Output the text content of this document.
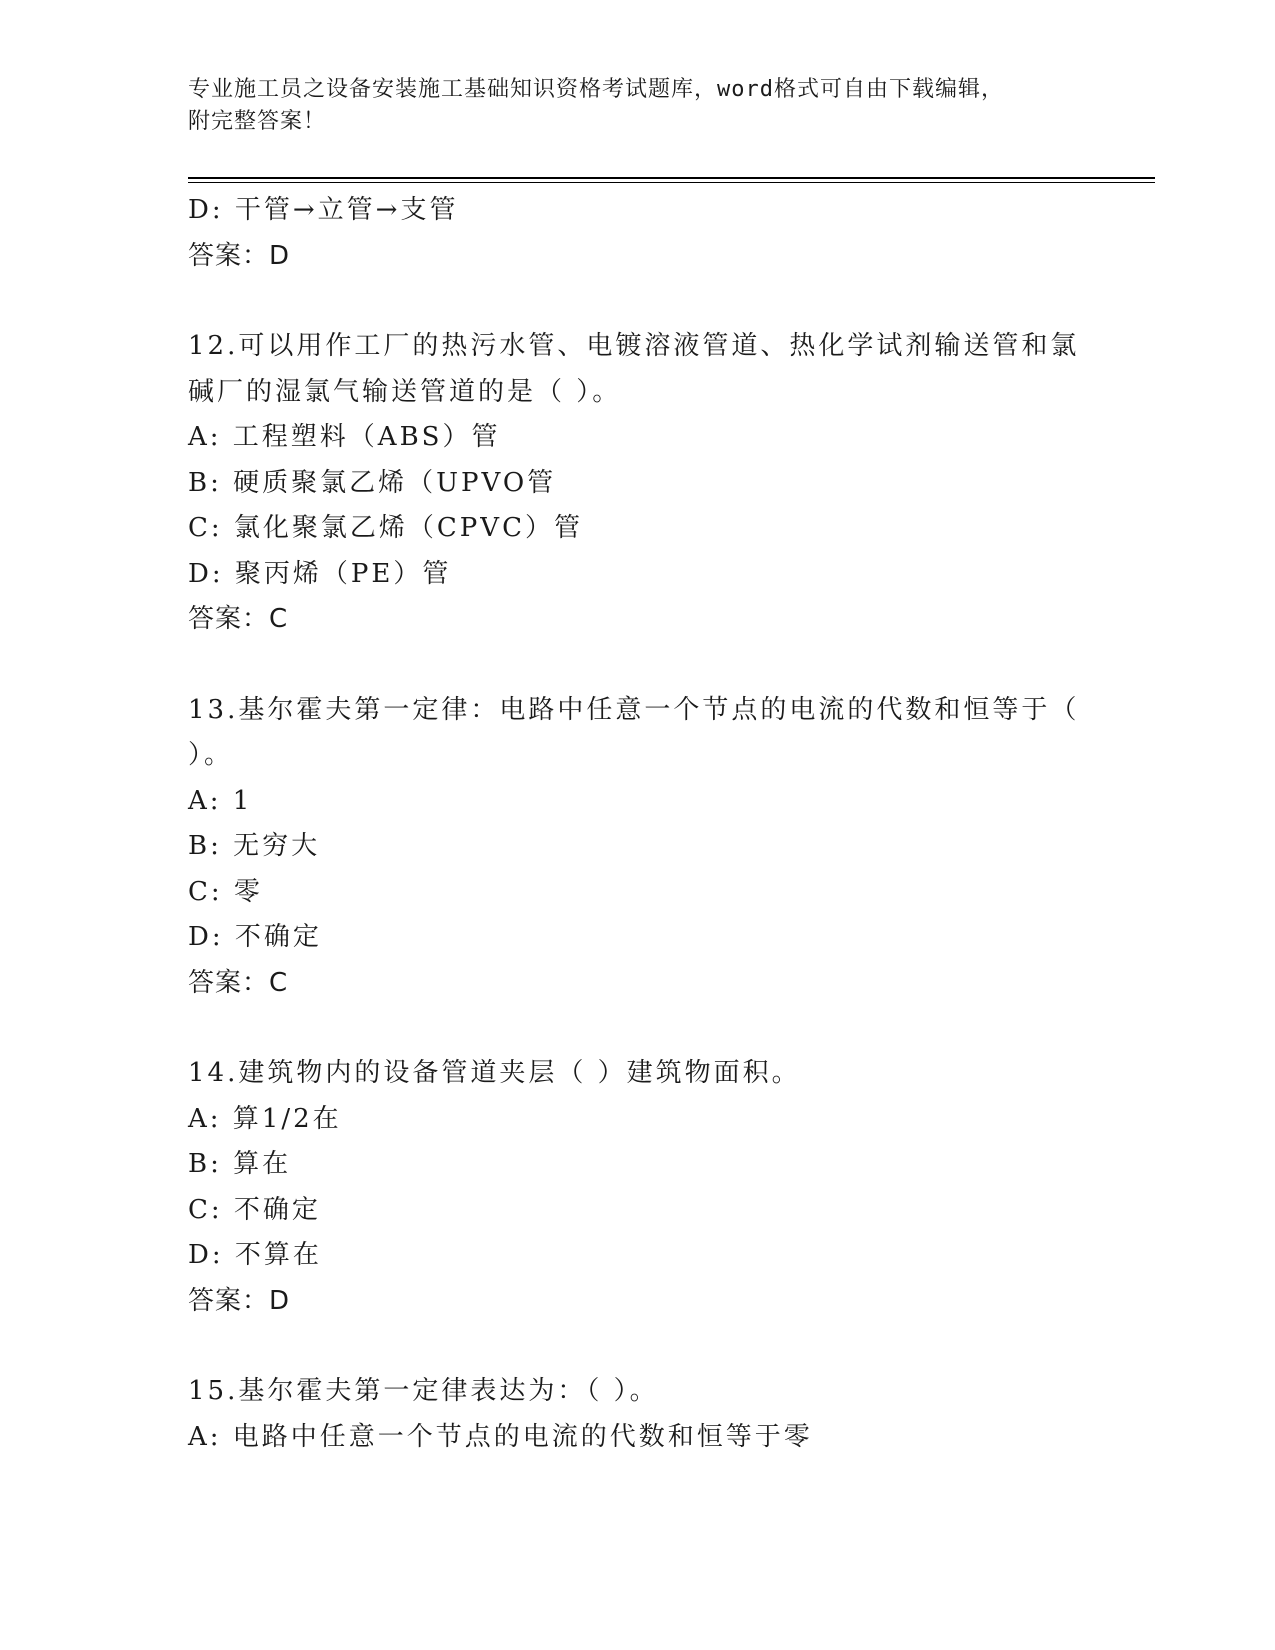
专业施工员之设备安装施工基础知识资格考试题库，word格式可自由下载编辑，
附完整答案！
D: 干管→立管→支管
答案：D
12.可以用作工厂的热污水管、电镀溶液管道、热化学试剂输送管和氯
碱厂的湿氯气输送管道的是（ ）。
A: 工程塑料（ABS）管
B: 硬质聚氯乙烯（UPVO管
C: 氯化聚氯乙烯（CPVC）管
D: 聚丙烯（PE）管
答案：C
13.基尔霍夫第一定律：电路中任意一个节点的电流的代数和恒等于（
）。
A: 1
B: 无穷大
C: 零
D: 不确定
答案：C
14.建筑物内的设备管道夹层（ ）建筑物面积。
A: 算1/2在
B: 算在
C: 不确定
D: 不算在
答案：D
15.基尔霍夫第一定律表达为：（ ）。
A: 电路中任意一个节点的电流的代数和恒等于零
